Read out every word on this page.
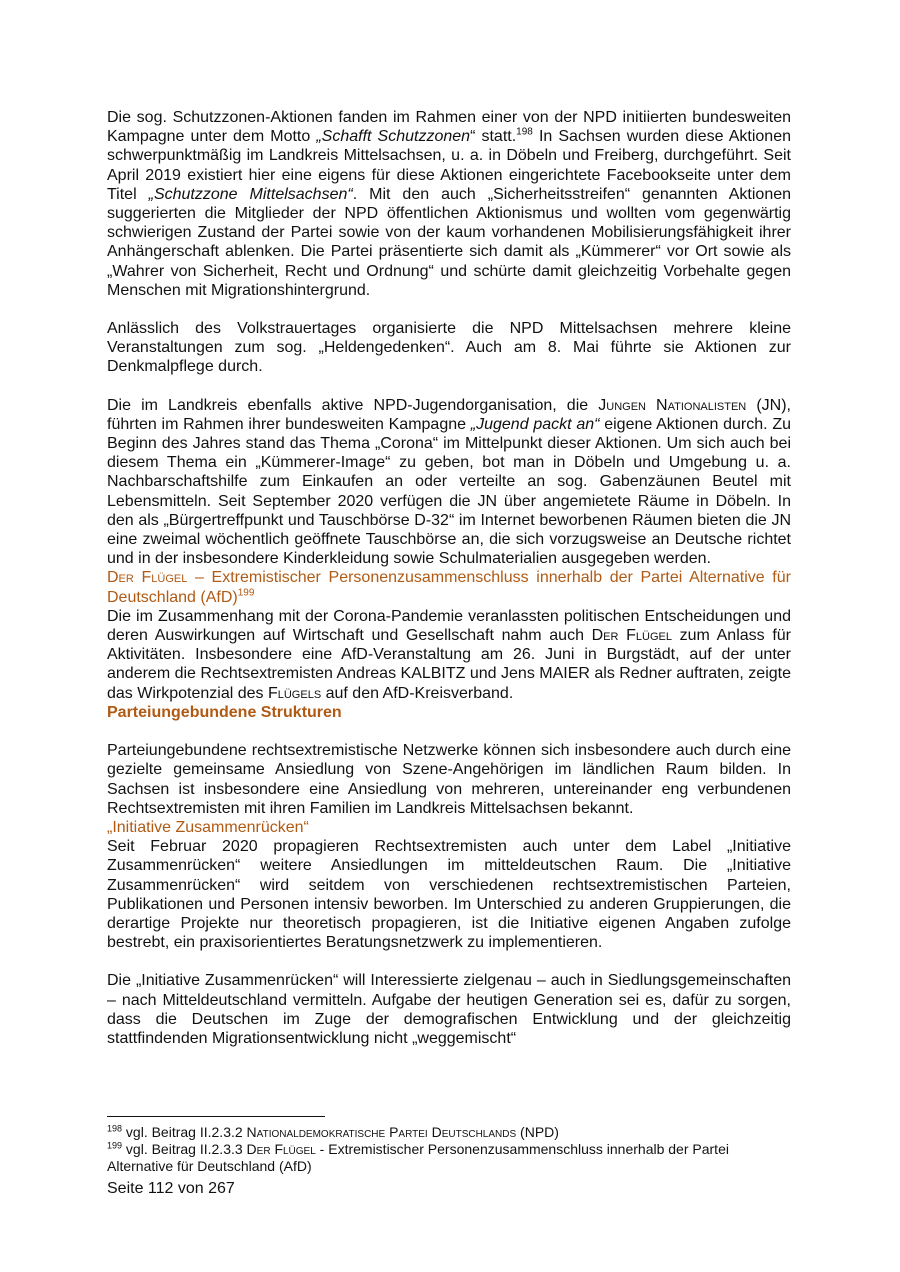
Die sog. Schutzzonen-Aktionen fanden im Rahmen einer von der NPD initiierten bundesweiten Kampagne unter dem Motto „Schafft Schutzzonen“ statt.$^{198}$ In Sachsen wurden diese Aktionen schwerpunktmäßig im Landkreis Mittelsachsen, u. a. in Döbeln und Freiberg, durchgeführt. Seit April 2019 existiert hier eine eigens für diese Aktionen eingerichtete Facebookseite unter dem Titel „Schutzzone Mittelsachsen“. Mit den auch „Sicherheitsstreifen“ genannten Aktionen suggerierten die Mitglieder der NPD öffentlichen Aktionismus und wollten vom gegenwärtig schwierigen Zustand der Partei sowie von der kaum vorhandenen Mobilisierungsfähigkeit ihrer Anhängerschaft ablenken. Die Partei präsentierte sich damit als „Kümmerer“ vor Ort sowie als „Wahrer von Sicherheit, Recht und Ordnung“ und schürte damit gleichzeitig Vorbehalte gegen Menschen mit Migrationshintergrund.

Anlässlich des Volkstrauertages organisierte die NPD Mittelsachsen mehrere kleine Veranstaltungen zum sog. „Heldengedenken“. Auch am 8. Mai führte sie Aktionen zur Denkmalpflege durch.

Die im Landkreis ebenfalls aktive NPD-Jugendorganisation, die Jungen Nationalisten (JN), führten im Rahmen ihrer bundesweiten Kampagne „Jugend packt an“ eigene Aktionen durch. Zu Beginn des Jahres stand das Thema „Corona“ im Mittelpunkt dieser Aktionen. Um sich auch bei diesem Thema ein „Kümmerer-Image“ zu geben, bot man in Döbeln und Umgebung u. a. Nachbarschaftshilfe zum Einkaufen an oder verteilte an sog. Gabenzäunen Beutel mit Lebensmitteln. Seit September 2020 verfügen die JN über angemietete Räume in Döbeln. In den als „Bürgertreffpunkt und Tauschbörse D-32“ im Internet beworbenen Räumen bieten die JN eine zweimal wöchentlich geöffnete Tauschbörse an, die sich vorzugsweise an Deutsche richtet und in der insbesondere Kinderkleidung sowie Schulmaterialien ausgegeben werden.

Der Flügel – Extremistischer Personenzusammenschluss innerhalb der Partei Alternative für Deutschland (AfD)$^{199}$

Die im Zusammenhang mit der Corona-Pandemie veranlassten politischen Entscheidungen und deren Auswirkungen auf Wirtschaft und Gesellschaft nahm auch Der Flügel zum Anlass für Aktivitäten. Insbesondere eine AfD-Veranstaltung am 26. Juni in Burgstädt, auf der unter anderem die Rechtsextremisten Andreas KALBITZ und Jens MAIER als Redner auftraten, zeigte das Wirkpotenzial des Flügels auf den AfD-Kreisverband.

Parteiungebundene Strukturen

Parteiungebundene rechtsextremistische Netzwerke können sich insbesondere auch durch eine gezielte gemeinsame Ansiedlung von Szene-Angehörigen im ländlichen Raum bilden. In Sachsen ist insbesondere eine Ansiedlung von mehreren, untereinander eng verbundenen Rechtsextremisten mit ihren Familien im Landkreis Mittelsachsen bekannt.

„Initiative Zusammenrücken“

Seit Februar 2020 propagieren Rechtsextremisten auch unter dem Label „Initiative Zusammenrücken“ weitere Ansiedlungen im mitteldeutschen Raum. Die „Initiative Zusammenrücken“ wird seitdem von verschiedenen rechtsextremistischen Parteien, Publikationen und Personen intensiv beworben. Im Unterschied zu anderen Gruppierungen, die derartige Projekte nur theoretisch propagieren, ist die Initiative eigenen Angaben zufolge bestrebt, ein praxisorientiertes Beratungsnetzwerk zu implementieren.

Die „Initiative Zusammenrücken“ will Interessierte zielgenau – auch in Siedlungsgemeinschaften – nach Mitteldeutschland vermitteln. Aufgabe der heutigen Generation sei es, dafür zu sorgen, dass die Deutschen im Zuge der demografischen Entwicklung und der gleichzeitig stattfindenden Migrationsentwicklung nicht „weggemischt“

$^{198}$ vgl. Beitrag II.2.3.2 Nationaldemokratische Partei Deutschlands (NPD)

$^{199}$ vgl. Beitrag II.2.3.3 Der Flügel - Extremistischer Personenzusammenschluss innerhalb der Partei Alternative für Deutschland (AfD)

Seite 112 von 267
